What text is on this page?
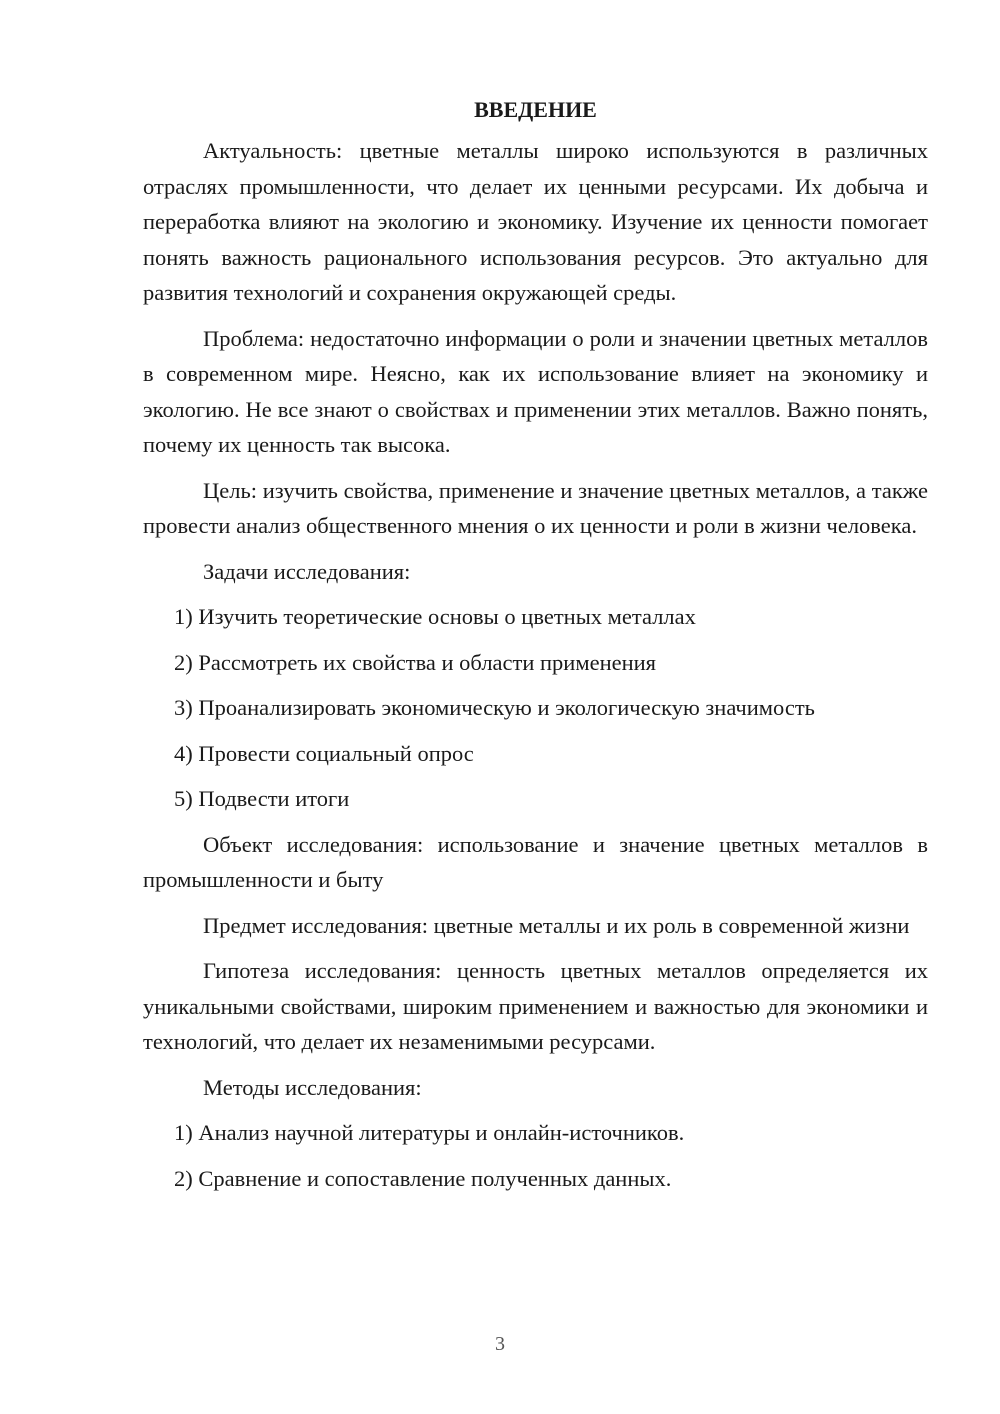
ВВЕДЕНИЕ

Актуальность: цветные металлы широко используются в различных отраслях промышленности, что делает их ценными ресурсами. Их добыча и переработка влияют на экологию и экономику. Изучение их ценности помогает понять важность рационального использования ресурсов. Это актуально для развития технологий и сохранения окружающей среды.

Проблема: недостаточно информации о роли и значении цветных металлов в современном мире. Неясно, как их использование влияет на экономику и экологию. Не все знают о свойствах и применении этих металлов. Важно понять, почему их ценность так высока.

Цель: изучить свойства, применение и значение цветных металлов, а также провести анализ общественного мнения о их ценности и роли в жизни человека.

Задачи исследования:

1) Изучить теоретические основы о цветных металлах
2) Рассмотреть их свойства и области применения
3) Проанализировать экономическую и экологическую значимость
4) Провести социальный опрос
5) Подвести итоги

Объект исследования: использование и значение цветных металлов в промышленности и быту

Предмет исследования: цветные металлы и их роль в современной жизни

Гипотеза исследования: ценность цветных металлов определяется их уникальными свойствами, широким применением и важностью для экономики и технологий, что делает их незаменимыми ресурсами.

Методы исследования:

1) Анализ научной литературы и онлайн-источников.
2) Сравнение и сопоставление полученных данных.
3
